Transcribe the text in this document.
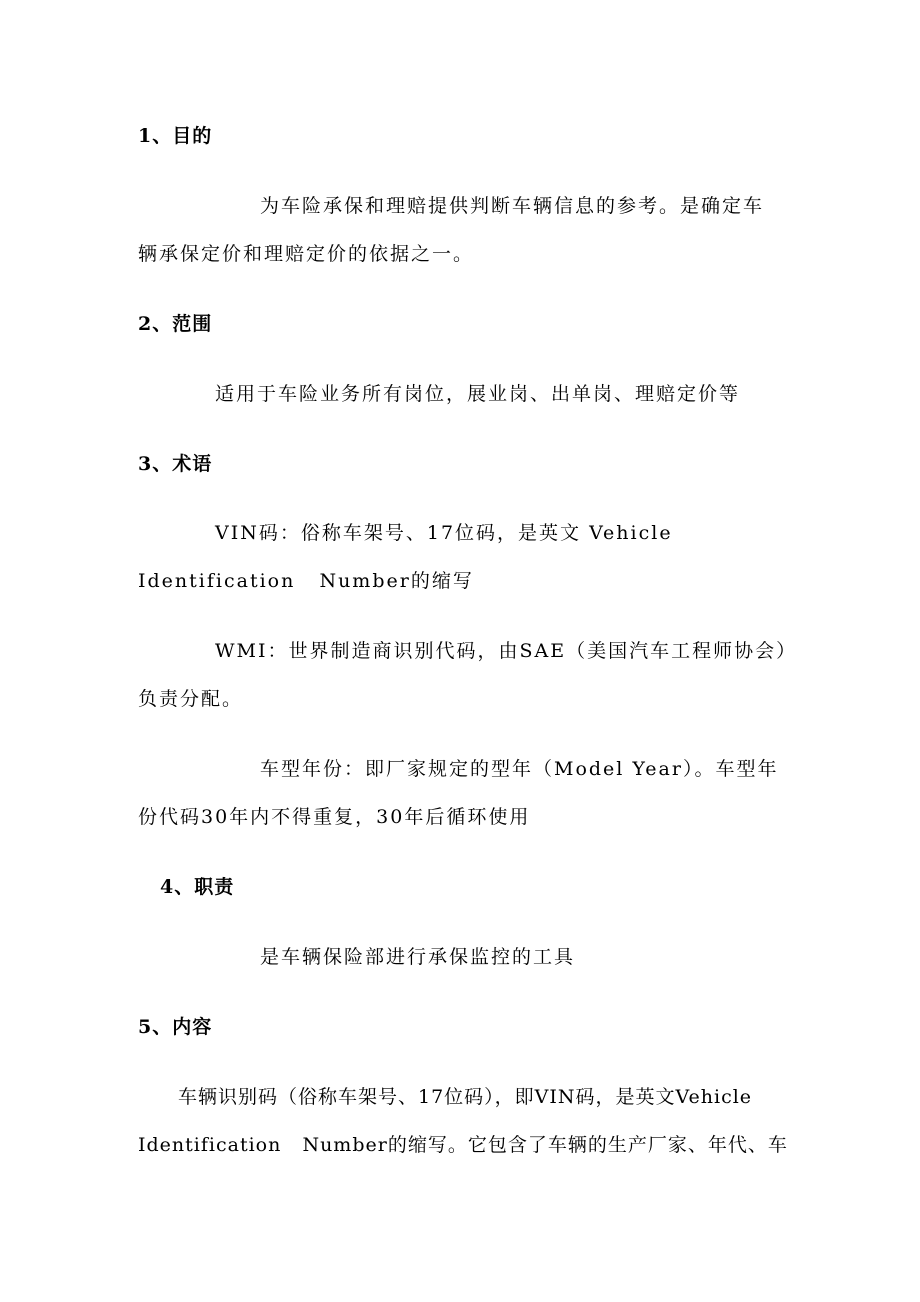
1、目的
为车险承保和理赔提供判断车辆信息的参考。是确定车
辆承保定价和理赔定价的依据之一。
2、范围
适用于车险业务所有岗位，展业岗、出单岗、理赔定价等
3、术语
VIN码：俗称车架号、17位码，是英文 Vehicle
Identification   Number的缩写
WMI：世界制造商识别代码，由SAE（美国汽车工程师协会）
负责分配。
车型年份：即厂家规定的型年（Model Year）。车型年
份代码30年内不得重复，30年后循环使用
4、职责
是车辆保险部进行承保监控的工具
5、内容
车辆识别码（俗称车架号、17位码），即VIN码，是英文Vehicle
Identification   Number的缩写。它包含了车辆的生产厂家、年代、车
